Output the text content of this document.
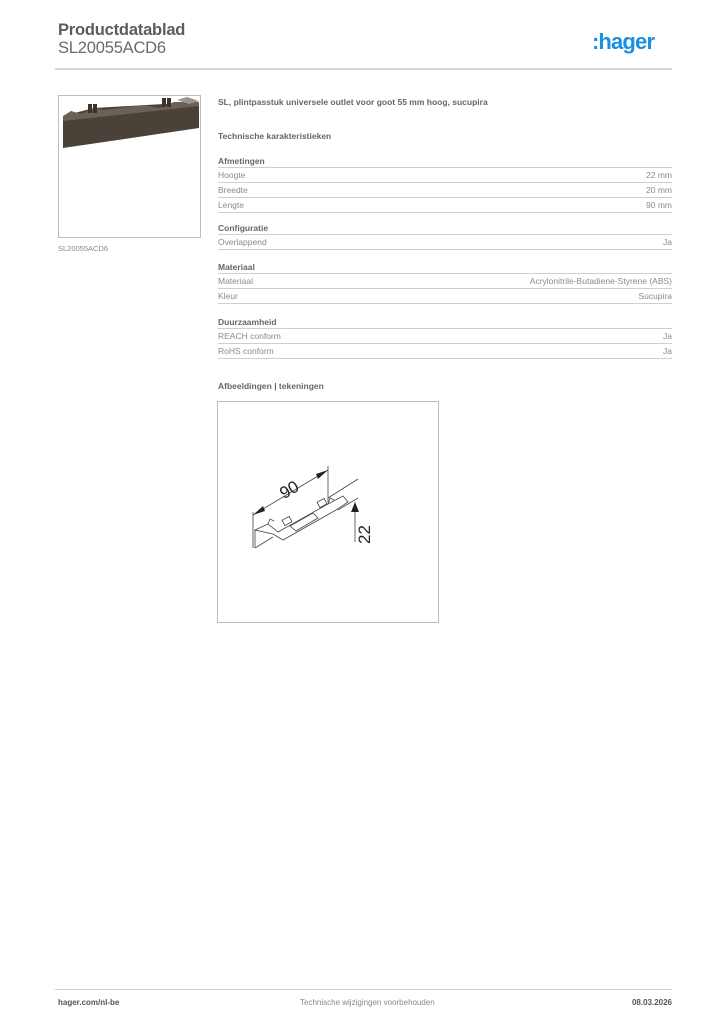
Productdatablad
SL20055ACD6	:hager
SL20055ACD6
SL, plintpasstuk universele outlet voor goot 55 mm hoog, sucupira
Technische karakteristieken
Afmetingen
Hoogte	22 mm
Breedte	20 mm
Lengte	90 mm
Configuratie
Overlappend	Ja
Materiaal
Materiaal	Acrylonitrile-Butadiene-Styrene (ABS)
Kleur	Sucupira
Duurzaamheid
REACH conform	Ja
RoHS conform	Ja
Afbeeldingen | tekeningen
90
22
hager.com/nl-be	Technische wijzigingen voorbehouden	08.03.2026
